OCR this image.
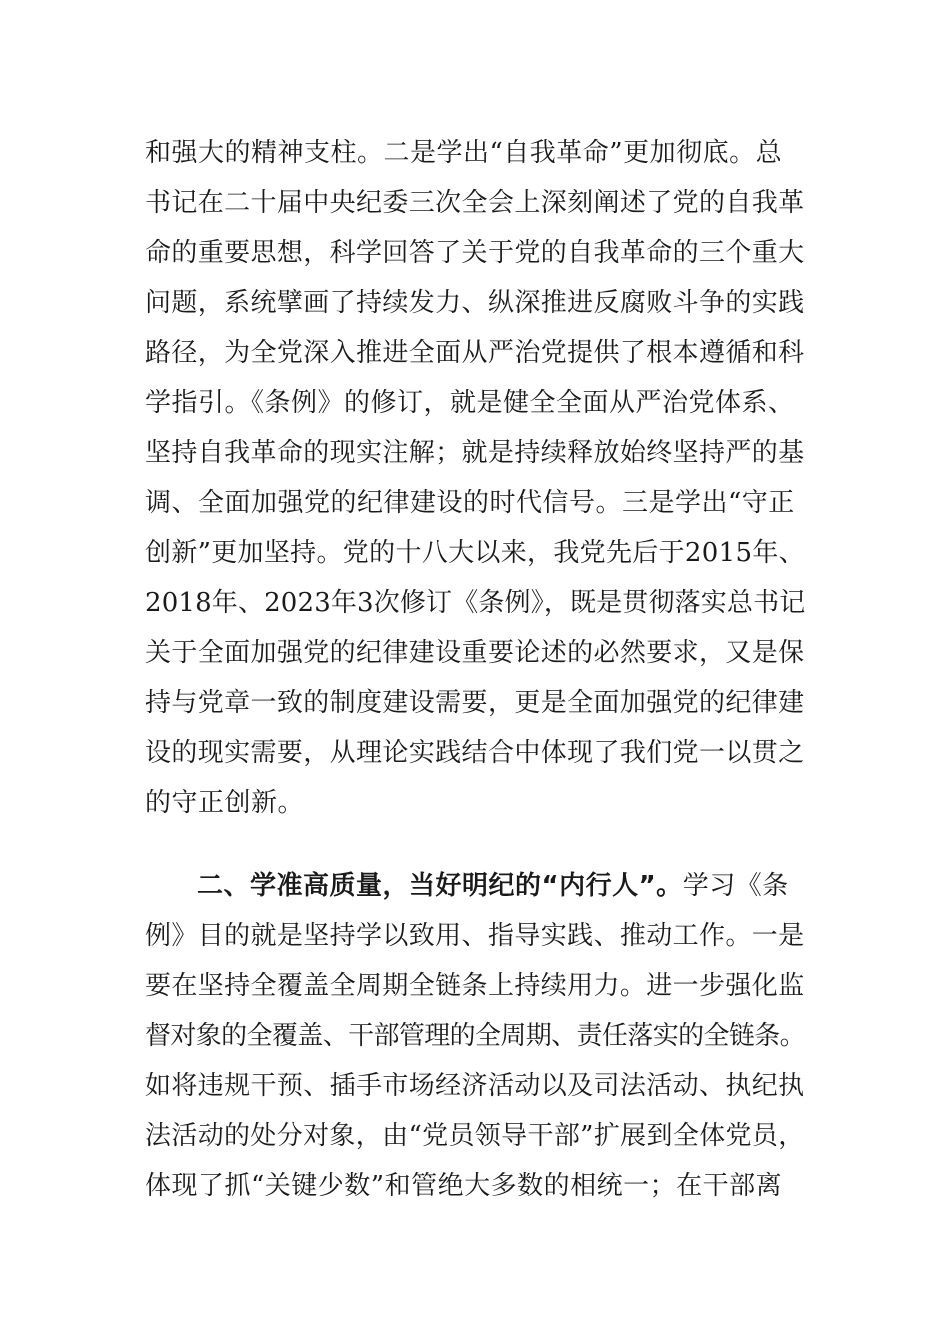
和强大的精神支柱。二是学出“自我革命”更加彻底。总
书记在二十届中央纪委三次全会上深刻阐述了党的自我革
命的重要思想，科学回答了关于党的自我革命的三个重大
问题，系统擘画了持续发力、纵深推进反腐败斗争的实践
路径，为全党深入推进全面从严治党提供了根本遵循和科
学指引。《条例》的修订，就是健全全面从严治党体系、
坚持自我革命的现实注解；就是持续释放始终坚持严的基
调、全面加强党的纪律建设的时代信号。三是学出“守正
创新”更加坚持。党的十八大以来，我党先后于2015年、
2018年、2023年3次修订《条例》，既是贯彻落实总书记
关于全面加强党的纪律建设重要论述的必然要求，又是保
持与党章一致的制度建设需要，更是全面加强党的纪律建
设的现实需要，从理论实践结合中体现了我们党一以贯之
的守正创新。
二、学准高质量，当好明纪的“内行人”。学习《条
例》目的就是坚持学以致用、指导实践、推动工作。一是
要在坚持全覆盖全周期全链条上持续用力。进一步强化监
督对象的全覆盖、干部管理的全周期、责任落实的全链条。
如将违规干预、插手市场经济活动以及司法活动、执纪执
法活动的处分对象，由“党员领导干部”扩展到全体党员，
体现了抓“关键少数”和管绝大多数的相统一；在干部离
